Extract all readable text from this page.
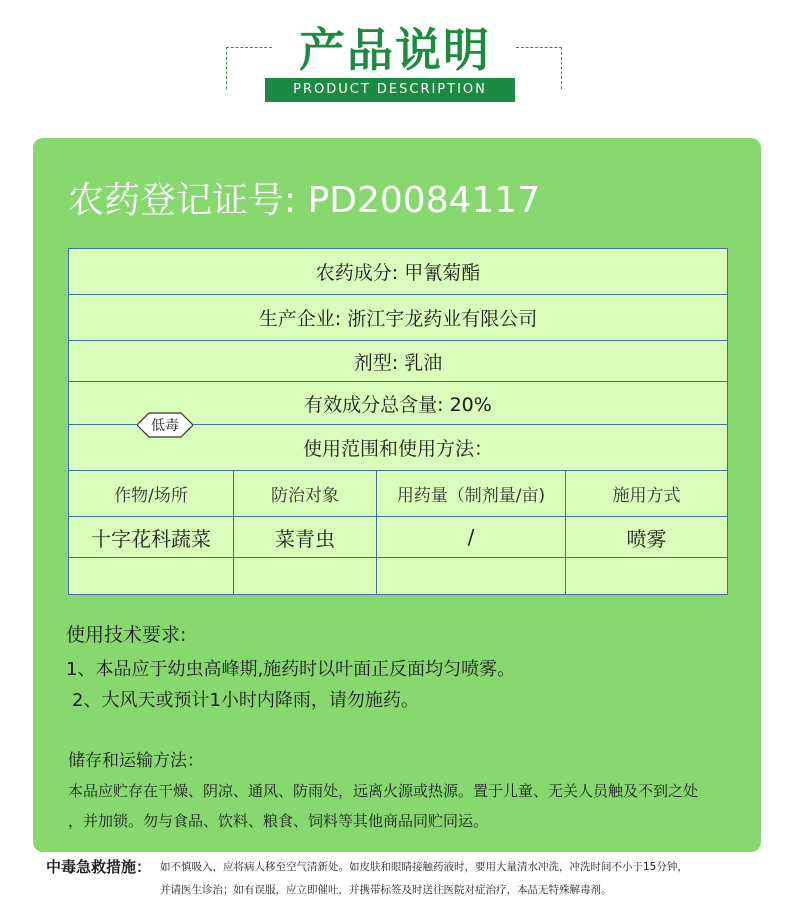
产品说明
PRODUCT DESCRIPTION
农药登记证号: PD20084117
农药成分: 甲氰菊酯			
生产企业: 浙江宇龙药业有限公司			
剂型: 乳油			
有效成分总含量: 20%			
使用范围和使用方法：			
作物/场所	防治对象	用药量（制剂量/亩)	施用方式
十字花科蔬菜	菜青虫	/	喷雾

低毒
使用技术要求:
1、本品应于幼虫高峰期,施药时以叶面正反面均匀喷雾。
2、大风天或预计1小时内降雨，请勿施药。
储存和运输方法：
本品应贮存在干燥、阴凉、通风、防雨处，远离火源或热源。置于儿童、无关人员触及不到之处
，并加锁。勿与食品、饮料、粮食、饲料等其他商品同贮同运。
中毒急救措施： 如不慎吸入，应将病人移至空气清新处。如皮肤和眼睛接触药液时，要用大量清水冲洗，冲洗时间不小于15分钟，
并请医生诊治；如有误服，应立即催吐，并携带标签及时送往医院对症治疗，本品无特殊解毒剂。
